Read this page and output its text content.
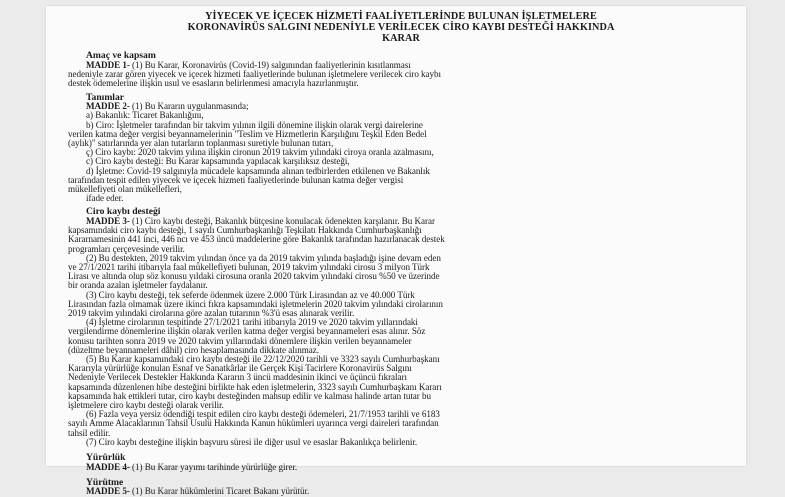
YİYECEK VE İÇECEK HİZMETİ FAALİYETLERİNDE BULUNAN İŞLETMELERE
KORONAVİRÜS SALGINI NEDENİYLE VERİLECEK CİRO KAYBI DESTEĞİ HAKKINDA
KARAR
Amaç ve kapsam
MADDE 1- (1) Bu Karar, Koronavirüs (Covid-19) salgınından faaliyetlerinin kısıtlanması
nedeniyle zarar gören yiyecek ve içecek hizmeti faaliyetlerinde bulunan işletmelere verilecek ciro kaybı
destek ödemelerine ilişkin usul ve esasların belirlenmesi amacıyla hazırlanmıştır.
Tanımlar
MADDE 2- (1) Bu Kararın uygulanmasında;
a) Bakanlık: Ticaret Bakanlığını,
b) Ciro: İşletmeler tarafından bir takvim yılının ilgili dönemine ilişkin olarak vergi dairelerine
verilen katma değer vergisi beyannamelerinin "Teslim ve Hizmetlerin Karşılığını Teşkil Eden Bedel
(aylık)" satırlarında yer alan tutarların toplanması suretiyle bulunan tutarı,
ç) Ciro kaybı: 2020 takvim yılına ilişkin cironun 2019 takvim yılındaki ciroya oranla azalmasını,
c) Ciro kaybı desteği: Bu Karar kapsamında yapılacak karşılıksız desteği,
d) İşletme: Covid-19 salgınıyla mücadele kapsamında alınan tedbirlerden etkilenen ve Bakanlık
tarafından tespit edilen yiyecek ve içecek hizmeti faaliyetlerinde bulunan katma değer vergisi
mükellefiyeti olan mükellefleri,
ifade eder.
Ciro kaybı desteği
MADDE 3- (1) Ciro kaybı desteği, Bakanlık bütçesine konulacak ödenekten karşılanır. Bu Karar
kapsamındaki ciro kaybı desteği, 1 sayılı Cumhurbaşkanlığı Teşkilatı Hakkında Cumhurbaşkanlığı
Kararnamesinin 441 inci, 446 ncı ve 453 üncü maddelerine göre Bakanlık tarafından hazırlanacak destek
programları çerçevesinde verilir.
(2) Bu destekten, 2019 takvim yılından önce ya da 2019 takvim yılında başladığı işine devam eden
ve 27/1/2021 tarihi itibarıyla faal mükellefiyeti bulunan, 2019 takvim yılındaki cirosu 3 milyon Türk
Lirası ve altında olup söz konusu yıldaki cirosuna oranla 2020 takvim yılındaki cirosu %50 ve üzerinde
bir oranda azalan işletmeler faydalanır.
(3) Ciro kaybı desteği, tek seferde ödenmek üzere 2.000 Türk Lirasından az ve 40.000 Türk
Lirasından fazla olmamak üzere ikinci fıkra kapsamındaki işletmelerin 2020 takvim yılındaki cirolarının
2019 takvim yılındaki cirolarına göre azalan tutarının %3'ü esas alınarak verilir.
(4) İşletme cirolarının tespitinde 27/1/2021 tarihi itibarıyla 2019 ve 2020 takvim yıllarındaki
vergilendirme dönemlerine ilişkin olarak verilen katma değer vergisi beyannameleri esas alınır. Söz
konusu tarihten sonra 2019 ve 2020 takvim yıllarındaki dönemlere ilişkin verilen beyannameler
(düzeltme beyannameleri dâhil) ciro hesaplamasında dikkate alınmaz.
(5) Bu Karar kapsamındaki ciro kaybı desteği ile 22/12/2020 tarihli ve 3323 sayılı Cumhurbaşkanı
Kararıyla yürürlüğe konulan Esnaf ve Sanatkârlar ile Gerçek Kişi Tacirlere Koronavirüs Salgını
Nedeniyle Verilecek Destekler Hakkında Kararın 3 üncü maddesinin ikinci ve üçüncü fıkraları
kapsamında düzenlenen hibe desteğini birlikte hak eden işletmelerin, 3323 sayılı Cumhurbaşkanı Kararı
kapsamında hak ettikleri tutar, ciro kaybı desteğinden mahsup edilir ve kalması halinde artan tutar bu
işletmelere ciro kaybı desteği olarak verilir.
(6) Fazla veya yersiz ödendiği tespit edilen ciro kaybı desteği ödemeleri, 21/7/1953 tarihli ve 6183
sayılı Amme Alacaklarının Tahsil Usulü Hakkında Kanun hükümleri uyarınca vergi daireleri tarafından
tahsil edilir.
(7) Ciro kaybı desteğine ilişkin başvuru süresi ile diğer usul ve esaslar Bakanlıkça belirlenir.
Yürürlük
MADDE 4- (1) Bu Karar yayımı tarihinde yürürlüğe girer.
Yürütme
MADDE 5- (1) Bu Karar hükümlerini Ticaret Bakanı yürütür.
